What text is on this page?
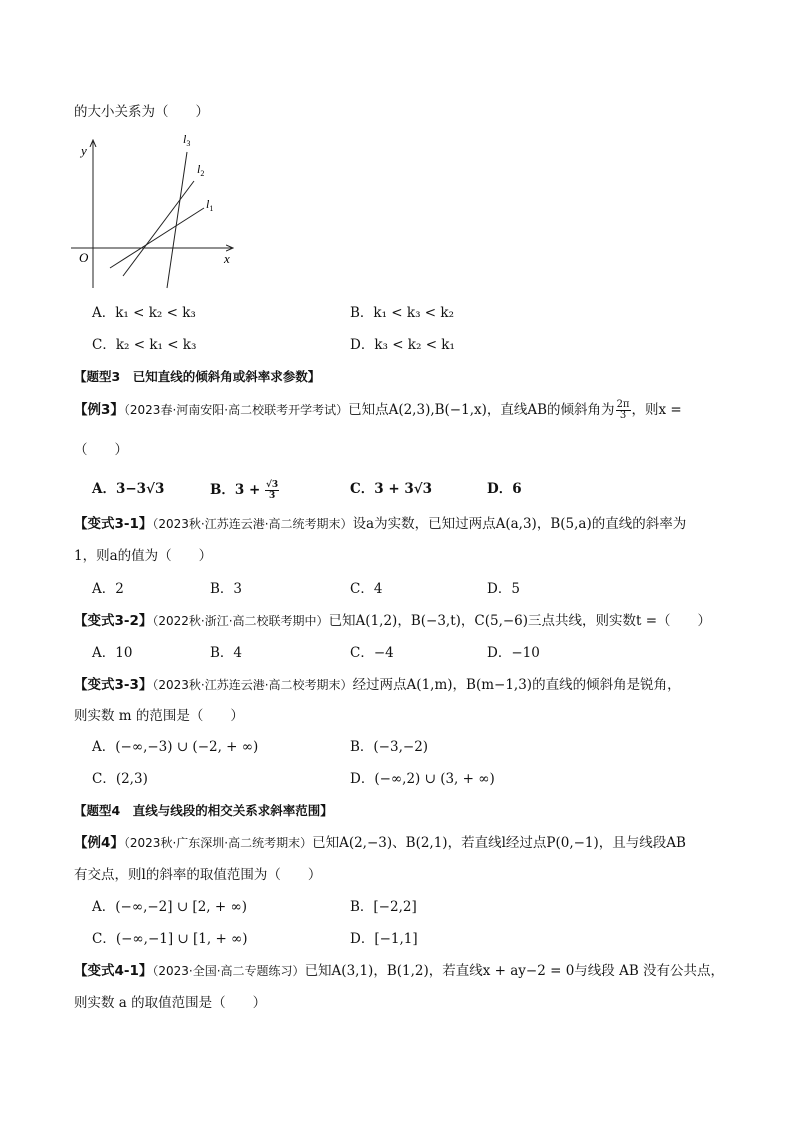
的大小关系为（　　）
y
x
O
$l_1$
$l_2$
$l_3$
A．k₁ < k₂ < k₃	B．k₁ < k₃ < k₂
C．k₂ < k₁ < k₃	D．k₃ < k₂ < k₁
【题型3　已知直线的倾斜角或斜率求参数】
【例3】（2023春·河南安阳·高二校联考开学考试）已知点A(2,3),B(−1,x)，直线AB的倾斜角为 $\frac{2\pi}{3}$ ，则x =
（　　）
A．3−3√3	B．$3 + \frac{√3}{3}$	C．3 + 3√3	D．6
【变式3-1】（2023秋·江苏连云港·高二统考期末）设a为实数，已知过两点A(a,3)，B(5,a)的直线的斜率为
1，则a的值为（　　）
A．2	B．3	C．4	D．5
【变式3-2】（2022秋·浙江·高二校联考期中）已知A(1,2)，B(−3,t)，C(5,−6)三点共线，则实数t =（　　）
A．10	B．4	C．−4	D．−10
【变式3-3】（2023秋·江苏连云港·高二校考期末）经过两点A(1,m)，B(m−1,3)的直线的倾斜角是锐角，
则实数 m 的范围是（　　）
A．(−∞,−3) ∪ (−2, + ∞)	B．(−3,−2)
C．(2,3)	D．(−∞,2) ∪ (3, + ∞)
【题型4　直线与线段的相交关系求斜率范围】
【例4】（2023秋·广东深圳·高二统考期末）已知A(2,−3)、B(2,1)，若直线l经过点P(0,−1)，且与线段AB
有交点，则l的斜率的取值范围为（　　）
A．(−∞,−2] ∪ [2, + ∞)	B．[−2,2]
C．(−∞,−1] ∪ [1, + ∞)	D．[−1,1]
【变式4-1】（2023·全国·高二专题练习）已知A(3,1)，B(1,2)，若直线x + ay−2 = 0与线段 AB 没有公共点，
则实数 a 的取值范围是（　　）
